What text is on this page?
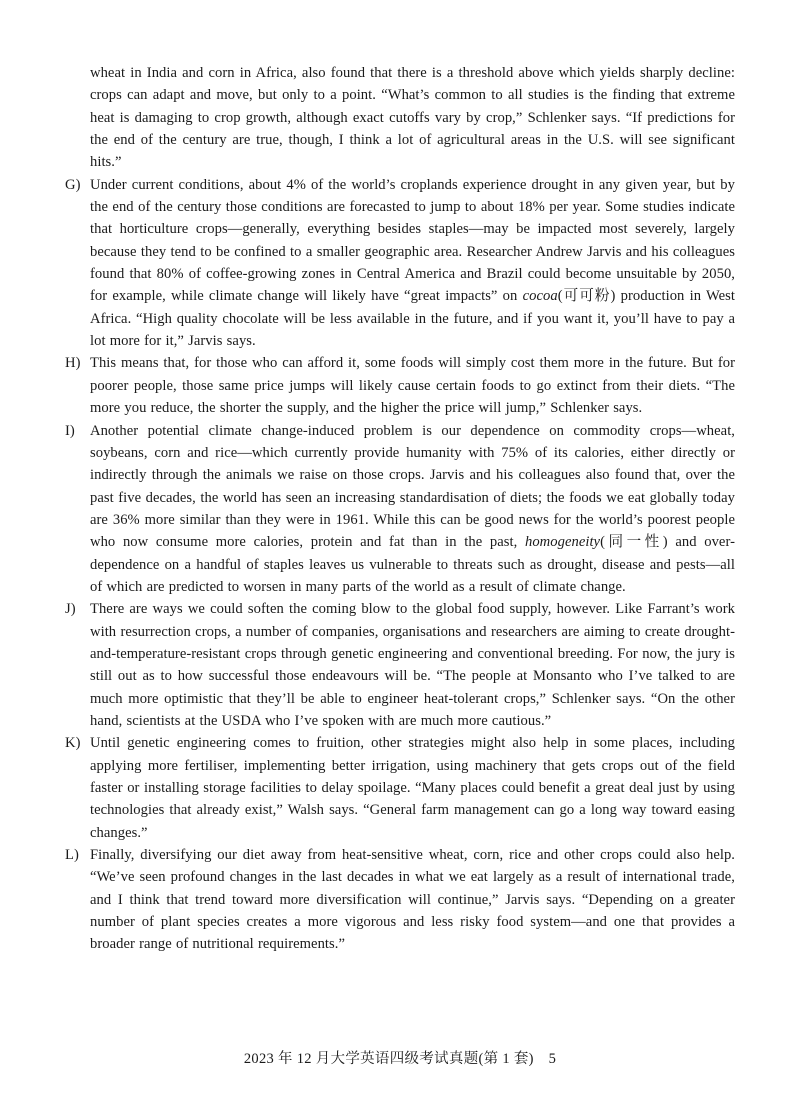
wheat in India and corn in Africa, also found that there is a threshold above which yields sharply decline: crops can adapt and move, but only to a point. “What’s common to all studies is the finding that extreme heat is damaging to crop growth, although exact cutoffs vary by crop,” Schlenker says. “If predictions for the end of the century are true, though, I think a lot of agricultural areas in the U.S. will see significant hits.”

G) Under current conditions, about 4% of the world’s croplands experience drought in any given year, but by the end of the century those conditions are forecasted to jump to about 18% per year. Some studies indicate that horticulture crops—generally, everything besides staples—may be impacted most severely, largely because they tend to be confined to a smaller geographic area. Researcher Andrew Jarvis and his colleagues found that 80% of coffee-growing zones in Central America and Brazil could become unsuitable by 2050, for example, while climate change will likely have “great impacts” on cocoa(可可粉) production in West Africa. “High quality chocolate will be less available in the future, and if you want it, you’ll have to pay a lot more for it,” Jarvis says.

H) This means that, for those who can afford it, some foods will simply cost them more in the future. But for poorer people, those same price jumps will likely cause certain foods to go extinct from their diets. “The more you reduce, the shorter the supply, and the higher the price will jump,” Schlenker says.

I) Another potential climate change-induced problem is our dependence on commodity crops—wheat, soybeans, corn and rice—which currently provide humanity with 75% of its calories, either directly or indirectly through the animals we raise on those crops. Jarvis and his colleagues also found that, over the past five decades, the world has seen an increasing standardisation of diets; the foods we eat globally today are 36% more similar than they were in 1961. While this can be good news for the world’s poorest people who now consume more calories, protein and fat than in the past, homogeneity(同一性) and over-dependence on a handful of staples leaves us vulnerable to threats such as drought, disease and pests—all of which are predicted to worsen in many parts of the world as a result of climate change.

J) There are ways we could soften the coming blow to the global food supply, however. Like Farrant’s work with resurrection crops, a number of companies, organisations and researchers are aiming to create drought-and-temperature-resistant crops through genetic engineering and conventional breeding. For now, the jury is still out as to how successful those endeavours will be. “The people at Monsanto who I’ve talked to are much more optimistic that they’ll be able to engineer heat-tolerant crops,” Schlenker says. “On the other hand, scientists at the USDA who I’ve spoken with are much more cautious.”

K) Until genetic engineering comes to fruition, other strategies might also help in some places, including applying more fertiliser, implementing better irrigation, using machinery that gets crops out of the field faster or installing storage facilities to delay spoilage. “Many places could benefit a great deal just by using technologies that already exist,” Walsh says. “General farm management can go a long way toward easing changes.”

L) Finally, diversifying our diet away from heat-sensitive wheat, corn, rice and other crops could also help. “We’ve seen profound changes in the last decades in what we eat largely as a result of international trade, and I think that trend toward more diversification will continue,” Jarvis says. “Depending on a greater number of plant species creates a more vigorous and less risky food system—and one that provides a broader range of nutritional requirements.”

2023 年 12 月大学英语四级考试真题(第 1 套)　5
